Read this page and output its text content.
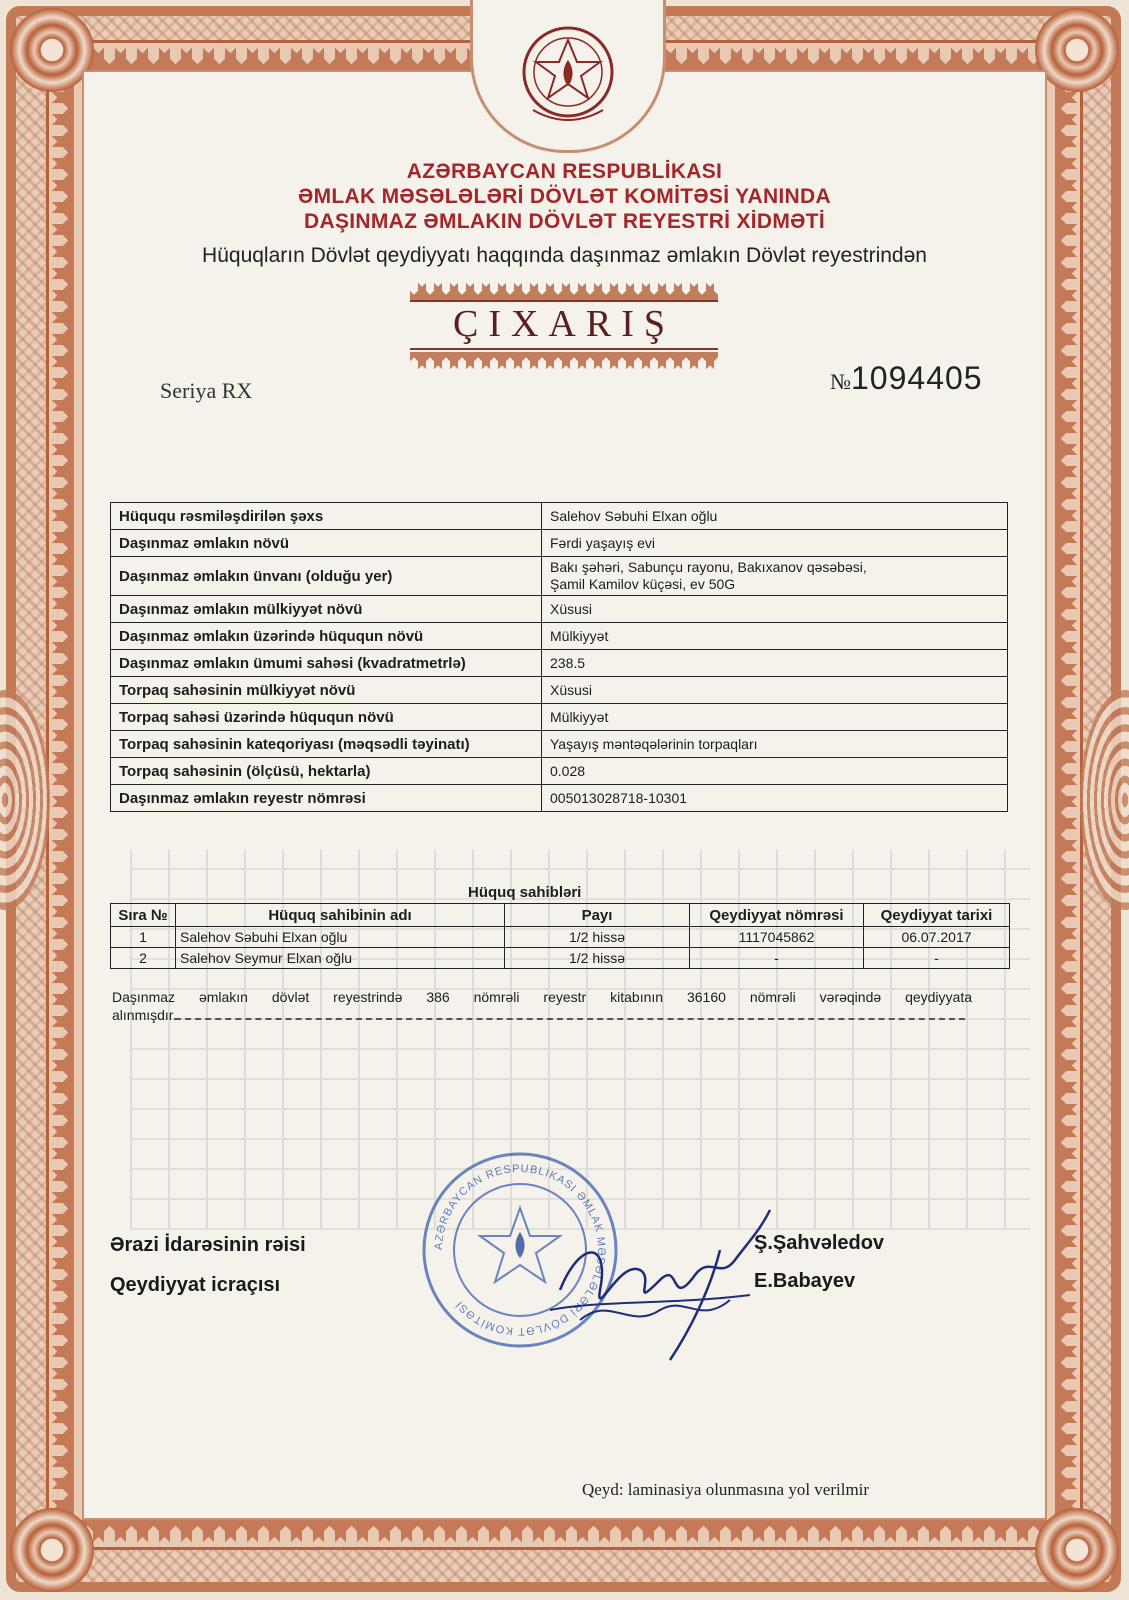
AZƏRBAYCAN RESPUBLİKASI
ƏMLAK MƏSƏLƏLƏRİ DÖVLƏT KOMİTƏSİ YANINDA
DAŞINMAZ ƏMLAKIN DÖVLƏT REYESTRİ XİDMƏTİ
Hüquqların Dövlət qeydiyyatı haqqında daşınmaz əmlakın Dövlət reyestrindən
ÇIXARIŞ
Seriya RX	№1094405
Hüququ rəsmiləşdirilən şəxs	Salehov Səbuhi Elxan oğlu
Daşınmaz əmlakın növü	Fərdi yaşayış evi
Daşınmaz əmlakın ünvanı (olduğu yer)	Bakı şəhəri, Sabunçu rayonu, Bakıxanov qəsəbəsi,
Şamil Kamilov küçəsi, ev 50G

Daşınmaz əmlakın mülkiyyət növü	Xüsusi
Daşınmaz əmlakın üzərində hüququn növü	Mülkiyyət
Daşınmaz əmlakın ümumi sahəsi (kvadratmetrlə)	238.5
Torpaq sahəsinin mülkiyyət növü	Xüsusi
Torpaq sahəsi üzərində hüququn növü	Mülkiyyət
Torpaq sahəsinin kateqoriyası (məqsədli təyinatı)	Yaşayış məntəqələrinin torpaqları
Torpaq sahəsinin (ölçüsü, hektarla)	0.028
Daşınmaz əmlakın reyestr nömrəsi	005013028718-10301
Hüquq sahibləri
Sıra №	Hüquq sahibinin adı	Payı	Qeydiyyat nömrəsi	Qeydiyyat tarixi
1	Salehov Səbuhi Elxan oğlu	1/2 hissə	1117045862	06.07.2017
2	Salehov Seymur Elxan oğlu	1/2 hissə	-	-
Daşınmaz əmlakın dövlət reyestrində 386 nömrəli reyestr kitabının 36160 nömrəli vərəqində qeydiyyata
alınmışdır.
Ərazi İdarəsinin rəisi
Qeydiyyat icraçısı
Ş.Şahvəledov
E.Babayev
AZƏRBAYCAN RESPUBLİKASI ƏMLAK MƏSƏLƏLƏRİ DÖVLƏT KOMİTƏSİ
Qeyd: laminasiya olunmasına yol verilmir
